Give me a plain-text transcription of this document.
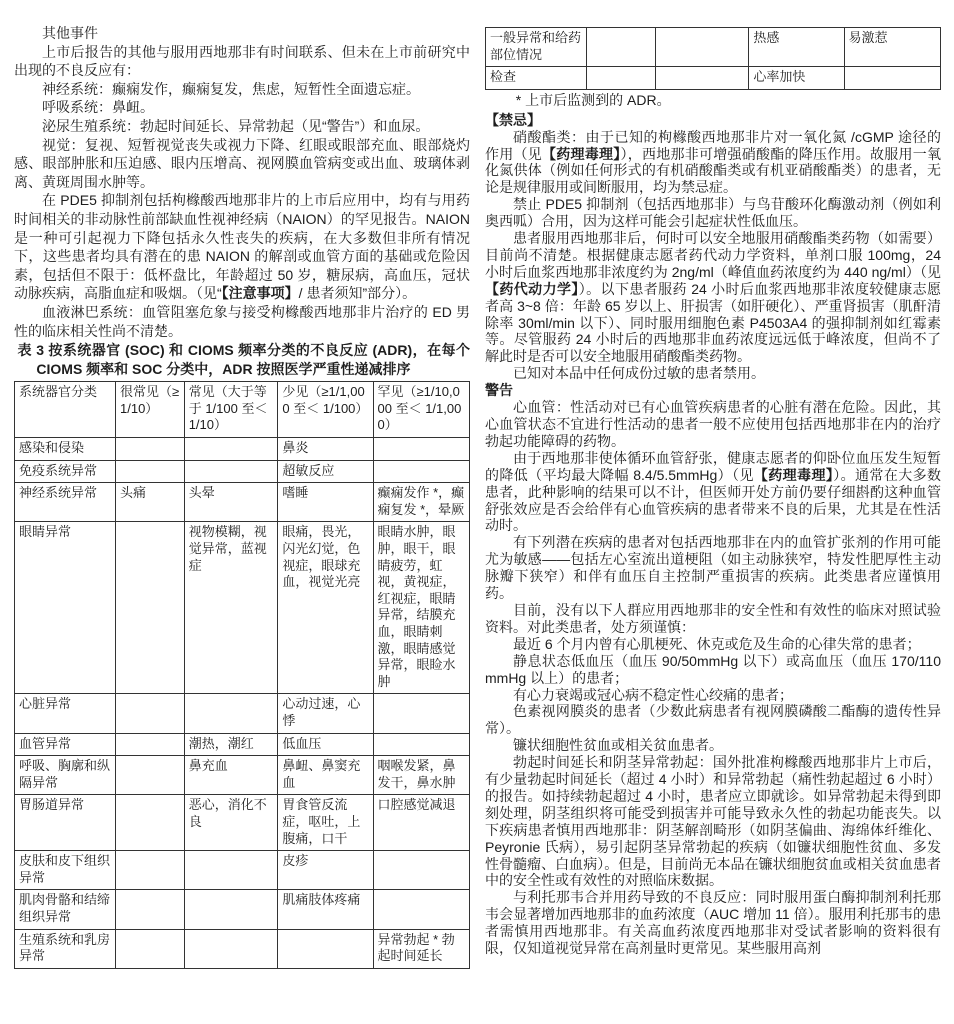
其他事件

上市后报告的其他与服用西地那非有时间联系、但未在上市前研究中出现的不良反应有：

神经系统：癫痫发作，癫痫复发，焦虑，短暂性全面遗忘症。

呼吸系统：鼻衄。

泌尿生殖系统：勃起时间延长、异常勃起（见“警告”）和血尿。

视觉：复视、短暂视觉丧失或视力下降、红眼或眼部充血、眼部烧灼感、眼部肿胀和压迫感、眼内压增高、视网膜血管病变或出血、玻璃体剥离、黄斑周围水肿等。

在 PDE5 抑制剂包括枸橼酸西地那非片的上市后应用中，均有与用药时间相关的非动脉性前部缺血性视神经病（NAION）的罕见报告。NAION 是一种可引起视力下降包括永久性丧失的疾病，在大多数但非所有情况下，这些患者均具有潜在的患 NAION 的解剖或血管方面的基础或危险因素，包括但不限于：低杯盘比，年龄超过 50 岁，糖尿病，高血压，冠状动脉疾病，高脂血症和吸烟。（见“【注意事项】/ 患者须知”部分）。

血液淋巴系统：血管阻塞危象与接受枸橼酸西地那非片治疗的 ED 男性的临床相关性尚不清楚。

表 3 按系统器官 (SOC) 和 CIOMS 频率分类的不良反应 (ADR)，在每个 CIOMS 频率和 SOC 分类中，ADR 按照医学严重性递减排序

系统器官分类	很常见（≥1/10）	常见（大于等于 1/100 至＜ 1/10）	少见（≥1/1,000 至＜ 1/100）	罕见（≥1/10,000 至＜ 1/1,000）
感染和侵染			鼻炎	
免疫系统异常			超敏反应	
神经系统异常	头痛	头晕	嗜睡	癫痫发作 *，癫痫复发 *，晕厥
眼睛异常		视物模糊，视觉异常，蓝视症	眼痛，畏光，闪光幻觉，色视症，眼球充血，视觉光亮	眼睛水肿，眼肿，眼干，眼睛疲劳，虹视，黄视症，红视症，眼睛异常，结膜充血，眼睛刺激，眼睛感觉异常，眼睑水肿
心脏异常			心动过速，心悸	
血管异常		潮热，潮红	低血压	
呼吸、胸廓和纵隔异常		鼻充血	鼻衄、鼻窦充血	咽喉发紧，鼻发干，鼻水肿
胃肠道异常		恶心，消化不良	胃食管反流症，呕吐，上腹痛，口干	口腔感觉减退
皮肤和皮下组织异常			皮疹	
肌肉骨骼和结缔组织异常			肌痛肢体疼痛	
生殖系统和乳房异常				异常勃起 * 勃起时间延长
一般异常和给药部位情况			热感	易激惹
检查			心率加快	

* 上市后监测到的 ADR。

【禁忌】

硝酸酯类：由于已知的枸橼酸西地那非片对一氧化氮 /cGMP 途径的作用（见【药理毒理】），西地那非可增强硝酸酯的降压作用。故服用一氧化氮供体（例如任何形式的有机硝酸酯类或有机亚硝酸酯类）的患者，无论是规律服用或间断服用，均为禁忌症。

禁止 PDE5 抑制剂（包括西地那非）与鸟苷酸环化酶激动剂（例如利奥西呱）合用，因为这样可能会引起症状性低血压。

患者服用西地那非后，何时可以安全地服用硝酸酯类药物（如需要）目前尚不清楚。根据健康志愿者药代动力学资料，单剂口服 100mg，24 小时后血浆西地那非浓度约为 2ng/ml（峰值血药浓度约为 440 ng/ml）（见【药代动力学】）。以下患者服药 24 小时后血浆西地那非浓度较健康志愿者高 3~8 倍：年龄 65 岁以上、肝损害（如肝硬化）、严重肾损害（肌酐清除率 30ml/min 以下）、同时服用细胞色素 P4503A4 的强抑制剂如红霉素等。尽管服药 24 小时后的西地那非血药浓度远远低于峰浓度，但尚不了解此时是否可以安全地服用硝酸酯类药物。

已知对本品中任何成份过敏的患者禁用。

警告

心血管：性活动对已有心血管疾病患者的心脏有潜在危险。因此，其心血管状态不宜进行性活动的患者一般不应使用包括西地那非在内的治疗勃起功能障碍的药物。

由于西地那非使体循环血管舒张，健康志愿者的仰卧位血压发生短暂的降低（平均最大降幅 8.4/5.5mmHg）（见【药理毒理】）。通常在大多数患者，此种影响的结果可以不计，但医师开处方前仍要仔细斟酌这种血管舒张效应是否会给伴有心血管疾病的患者带来不良的后果，尤其是在性活动时。

有下列潜在疾病的患者对包括西地那非在内的血管扩张剂的作用可能尤为敏感——包括左心室流出道梗阻（如主动脉狭窄，特发性肥厚性主动脉瓣下狭窄）和伴有血压自主控制严重损害的疾病。此类患者应谨慎用药。

目前，没有以下人群应用西地那非的安全性和有效性的临床对照试验资料。对此类患者，处方须谨慎：

最近 6 个月内曾有心肌梗死、休克或危及生命的心律失常的患者；

静息状态低血压（血压 90/50mmHg 以下）或高血压（血压 170/110mmHg 以上）的患者；

有心力衰竭或冠心病不稳定性心绞痛的患者；

色素视网膜炎的患者（少数此病患者有视网膜磷酸二酯酶的遗传性异常）。

镰状细胞性贫血或相关贫血患者。

勃起时间延长和阴茎异常勃起：国外批准枸橼酸西地那非片上市后，有少量勃起时间延长（超过 4 小时）和异常勃起（痛性勃起超过 6 小时）的报告。如持续勃起超过 4 小时，患者应立即就诊。如异常勃起未得到即刻处理，阴茎组织将可能受到损害并可能导致永久性的勃起功能丧失。以下疾病患者慎用西地那非：阴茎解剖畸形（如阴茎偏曲、海绵体纤维化、Peyronie 氏病），易引起阴茎异常勃起的疾病（如镰状细胞性贫血、多发性骨髓瘤、白血病）。但是，目前尚无本品在镰状细胞贫血或相关贫血患者中的安全性或有效性的对照临床数据。

与利托那韦合并用药导致的不良反应：同时服用蛋白酶抑制剂利托那韦会显著增加西地那非的血药浓度（AUC 增加 11 倍）。服用利托那韦的患者需慎用西地那非。有关高血药浓度西地那非对受试者影响的资料很有限，仅知道视觉异常在高剂量时更常见。某些服用高剂
